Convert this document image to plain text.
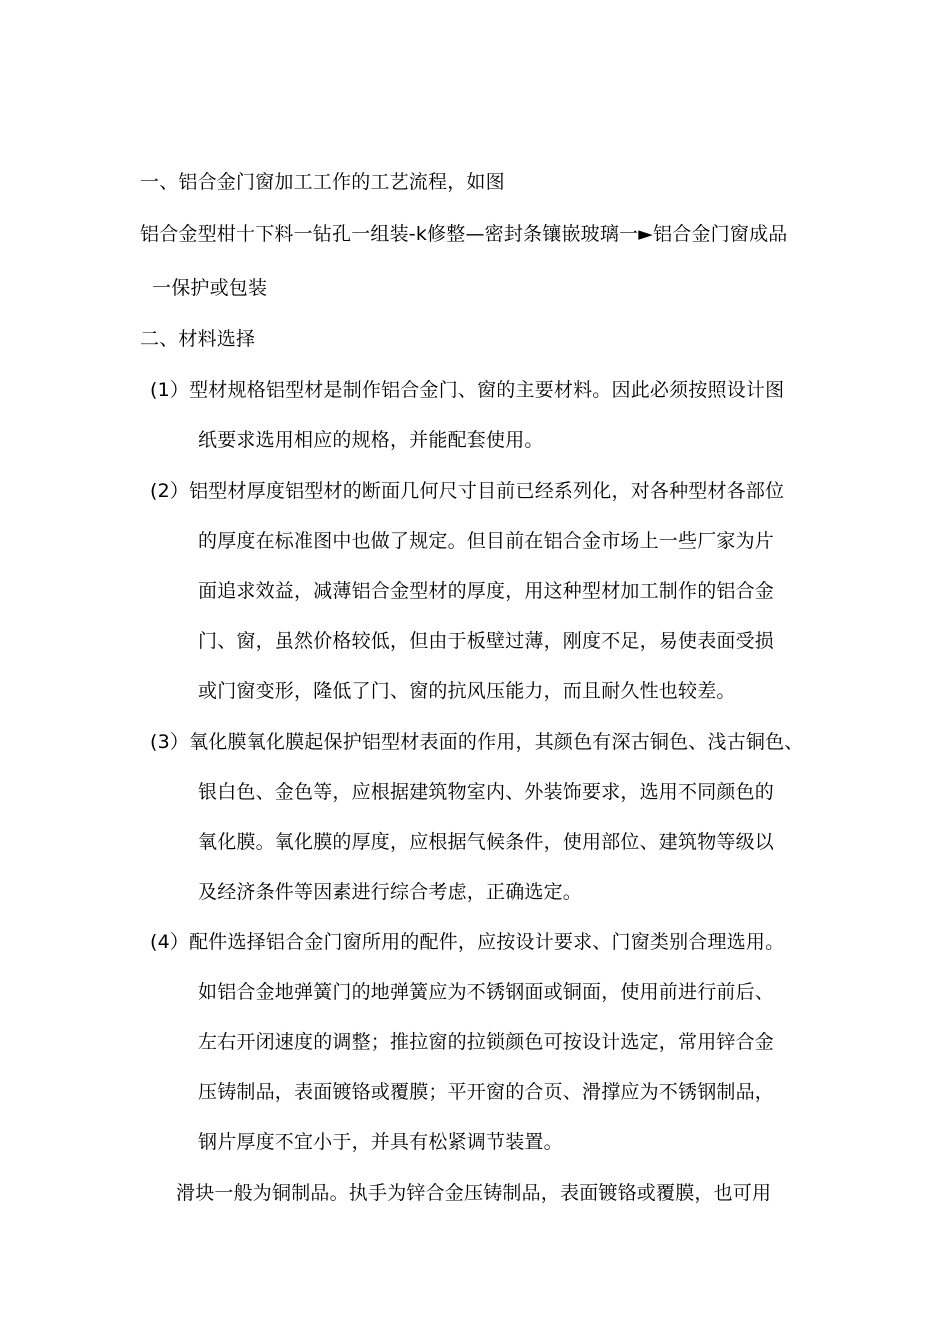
一、铝合金门窗加工工作的工艺流程，如图
铝合金型柑十下料一钻孔一组装-k修整—密封条镶嵌玻璃一►铝合金门窗成品
一保护或包装
二、材料选择
(1）型材规格铝型材是制作铝合金门、窗的主要材料。因此必须按照设计图
纸要求选用相应的规格，并能配套使用。
(2）铝型材厚度铝型材的断面几何尺寸目前已经系列化，对各种型材各部位
的厚度在标准图中也做了规定。但目前在铝合金市场上一些厂家为片
面追求效益，减薄铝合金型材的厚度，用这种型材加工制作的铝合金
门、窗，虽然价格较低，但由于板壁过薄，刚度不足，易使表面受损
或门窗变形，隆低了门、窗的抗风压能力，而且耐久性也较差。
(3）氧化膜氧化膜起保护铝型材表面的作用，其颜色有深古铜色、浅古铜色、
银白色、金色等，应根据建筑物室内、外装饰要求，选用不同颜色的
氧化膜。氧化膜的厚度，应根据气候条件，使用部位、建筑物等级以
及经济条件等因素进行综合考虑，正确选定。
(4）配件选择铝合金门窗所用的配件，应按设计要求、门窗类别合理选用。
如铝合金地弹簧门的地弹簧应为不锈钢面或铜面，使用前进行前后、
左右开闭速度的调整；推拉窗的拉锁颜色可按设计选定，常用锌合金
压铸制品，表面镀铬或覆膜；平开窗的合页、滑撑应为不锈钢制品，
钢片厚度不宜小于，并具有松紧调节装置。
滑块一般为铜制品。执手为锌合金压铸制品，表面镀铬或覆膜，也可用
